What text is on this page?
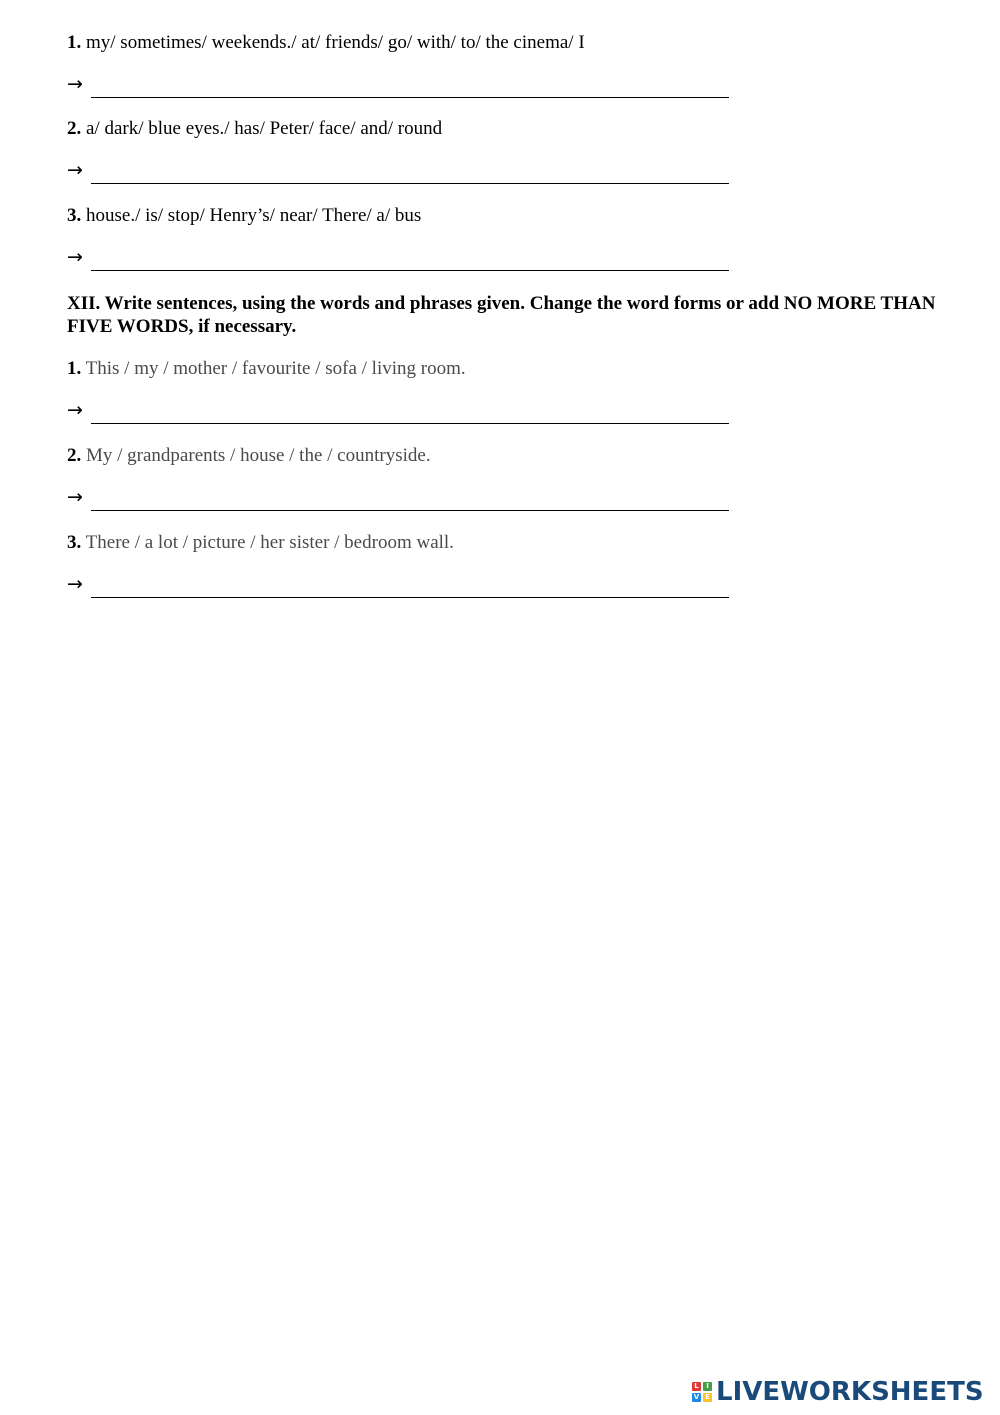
1. my/ sometimes/ weekends./ at/ friends/ go/ with/ to/ the cinema/ I
→
2. a/ dark/ blue eyes./ has/ Peter/ face/ and/ round
→
3. house./ is/ stop/ Henry’s/ near/ There/ a/ bus
→
XII. Write sentences, using the words and phrases given. Change the word forms or add NO MORE THAN FIVE WORDS, if necessary.
1. This / my / mother / favourite / sofa / living room.
→
2. My / grandparents / house / the / countryside.
→
3. There / a lot / picture / her sister / bedroom wall.
→
L	I
V E LIVEWORKSHEETS
